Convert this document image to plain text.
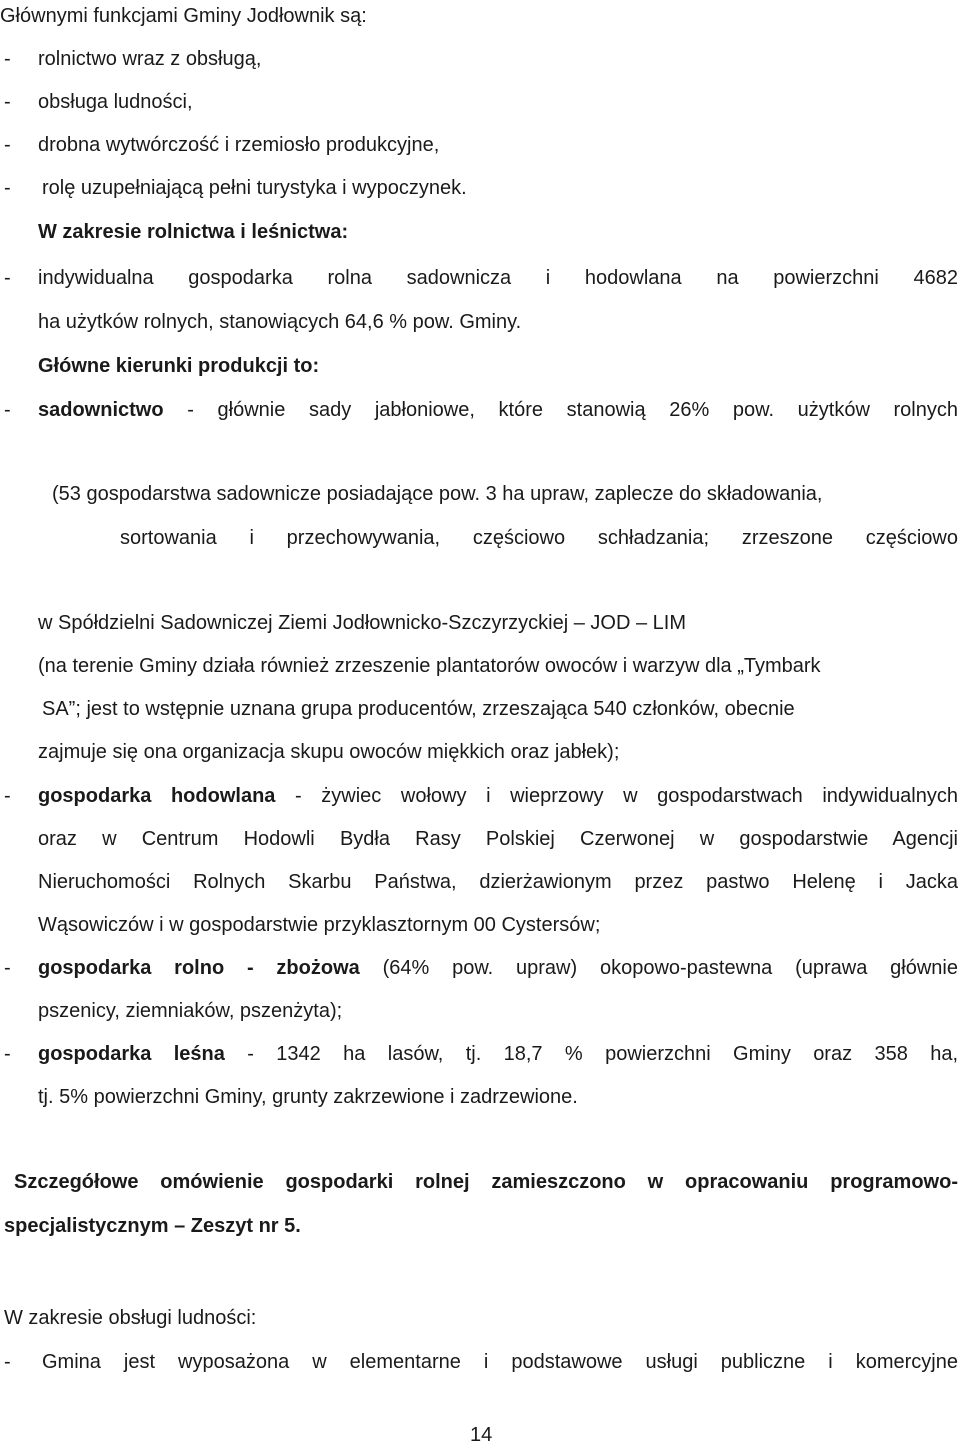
Głównymi funkcjami Gminy Jodłownik są:
- rolnictwo wraz z obsługą,
- obsługa ludności,
- drobna wytwórczość i rzemiosło produkcyjne,
- rolę uzupełniającą pełni turystyka i wypoczynek.
W zakresie rolnictwa i leśnictwa:
- indywidualna gospodarka rolna sadownicza i hodowlana na powierzchni 4682
ha użytków rolnych, stanowiących 64,6 % pow. Gminy.
Główne kierunki produkcji to:
- sadownictwo - głównie sady jabłoniowe, które stanowią 26% pow. użytków rolnych
(53 gospodarstwa sadownicze posiadające pow. 3 ha upraw, zaplecze do składowania,
sortowania i przechowywania, częściowo schładzania; zrzeszone częściowo
w Spółdzielni Sadowniczej Ziemi Jodłownicko-Szczyrzyckiej – JOD – LIM
(na terenie Gminy działa również zrzeszenie plantatorów owoców i warzyw dla „Tymbark
SA”; jest to wstępnie uznana grupa producentów, zrzeszająca 540 członków, obecnie
zajmuje się ona organizacja skupu owoców miękkich oraz jabłek);
- gospodarka hodowlana - żywiec wołowy i wieprzowy w gospodarstwach indywidualnych
oraz w Centrum Hodowli Bydła Rasy Polskiej Czerwonej w gospodarstwie Agencji
Nieruchomości Rolnych Skarbu Państwa, dzierżawionym przez pastwo Helenę i Jacka
Wąsowiczów i w gospodarstwie przyklasztornym 00 Cystersów;
- gospodarka rolno - zbożowa (64% pow. upraw) okopowo-pastewna (uprawa głównie
pszenicy, ziemniaków, pszenżyta);
- gospodarka leśna - 1342 ha lasów, tj. 18,7 % powierzchni Gminy oraz 358 ha,
tj. 5% powierzchni Gminy, grunty zakrzewione i zadrzewione.
Szczegółowe omówienie gospodarki rolnej zamieszczono w opracowaniu programowo-
specjalistycznym – Zeszyt nr 5.
W zakresie obsługi ludności:
- Gmina jest wyposażona w elementarne i podstawowe usługi publiczne i komercyjne
14
